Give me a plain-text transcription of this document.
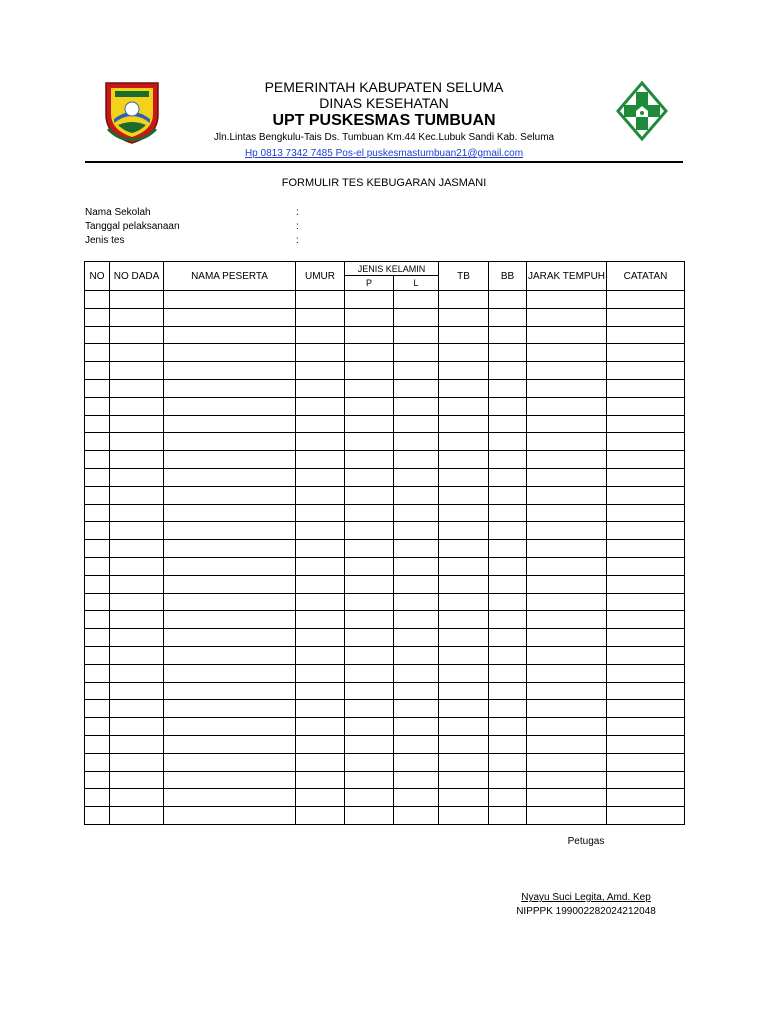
PEMERINTAH KABUPATEN SELUMA
DINAS KESEHATAN
UPT PUSKESMAS TUMBUAN
Jln.Lintas Bengkulu-Tais Ds. Tumbuan Km.44 Kec.Lubuk Sandi Kab. Seluma
Hp 0813 7342 7485 Pos-el puskesmastumbuan21@gmail.com
FORMULIR TES KEBUGARAN JASMANI
Nama Sekolah	:
Tanggal pelaksanaan	:
Jenis tes	:
NO	NO DADA	NAMA PESERTA	UMUR	JENIS KELAMIN		TB	BB	JARAK TEMPUH	CATATAN
				P	L				

Petugas
Nyayu Suci Legita, Amd. Kep
NIPPPK 199002282024212048
